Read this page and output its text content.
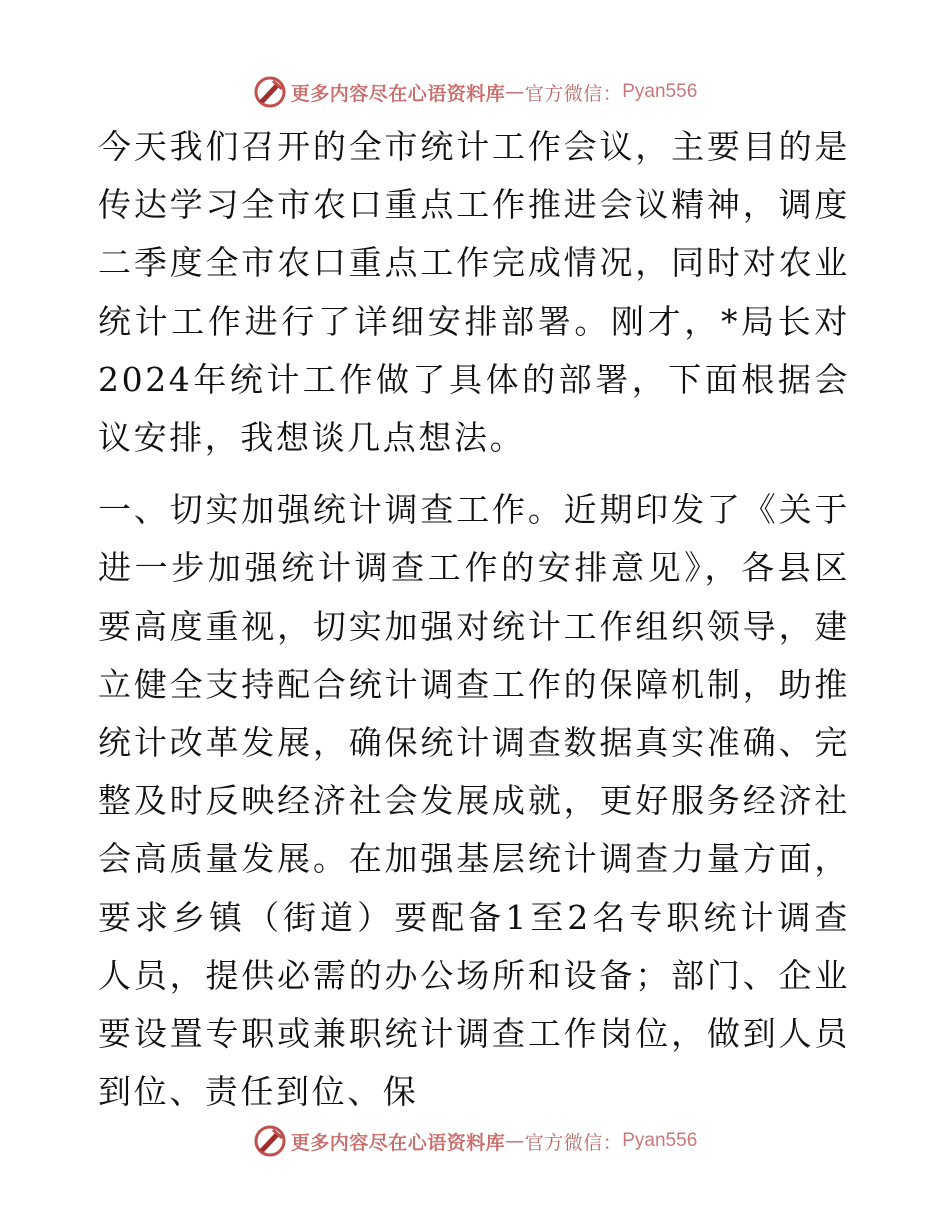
更多内容尽在心语资料库 — 官方微信： Pyan556

今天我们召开的全市统计工作会议，主要目的是传达学习全市农口重点工作推进会议精神，调度二季度全市农口重点工作完成情况，同时对农业统计工作进行了详细安排部署。刚才，*局长对2024年统计工作做了具体的部署，下面根据会议安排，我想谈几点想法。

一、切实加强统计调查工作。近期印发了《关于进一步加强统计调查工作的安排意见》，各县区要高度重视，切实加强对统计工作组织领导，建立健全支持配合统计调查工作的保障机制，助推统计改革发展，确保统计调查数据真实准确、完整及时反映经济社会发展成就，更好服务经济社会高质量发展。在加强基层统计调查力量方面，要求乡镇（街道）要配备1至2名专职统计调查人员，提供必需的办公场所和设备；部门、企业要设置专职或兼职统计调查工作岗位，做到人员到位、责任到位、保

更多内容尽在心语资料库 — 官方微信： Pyan556
